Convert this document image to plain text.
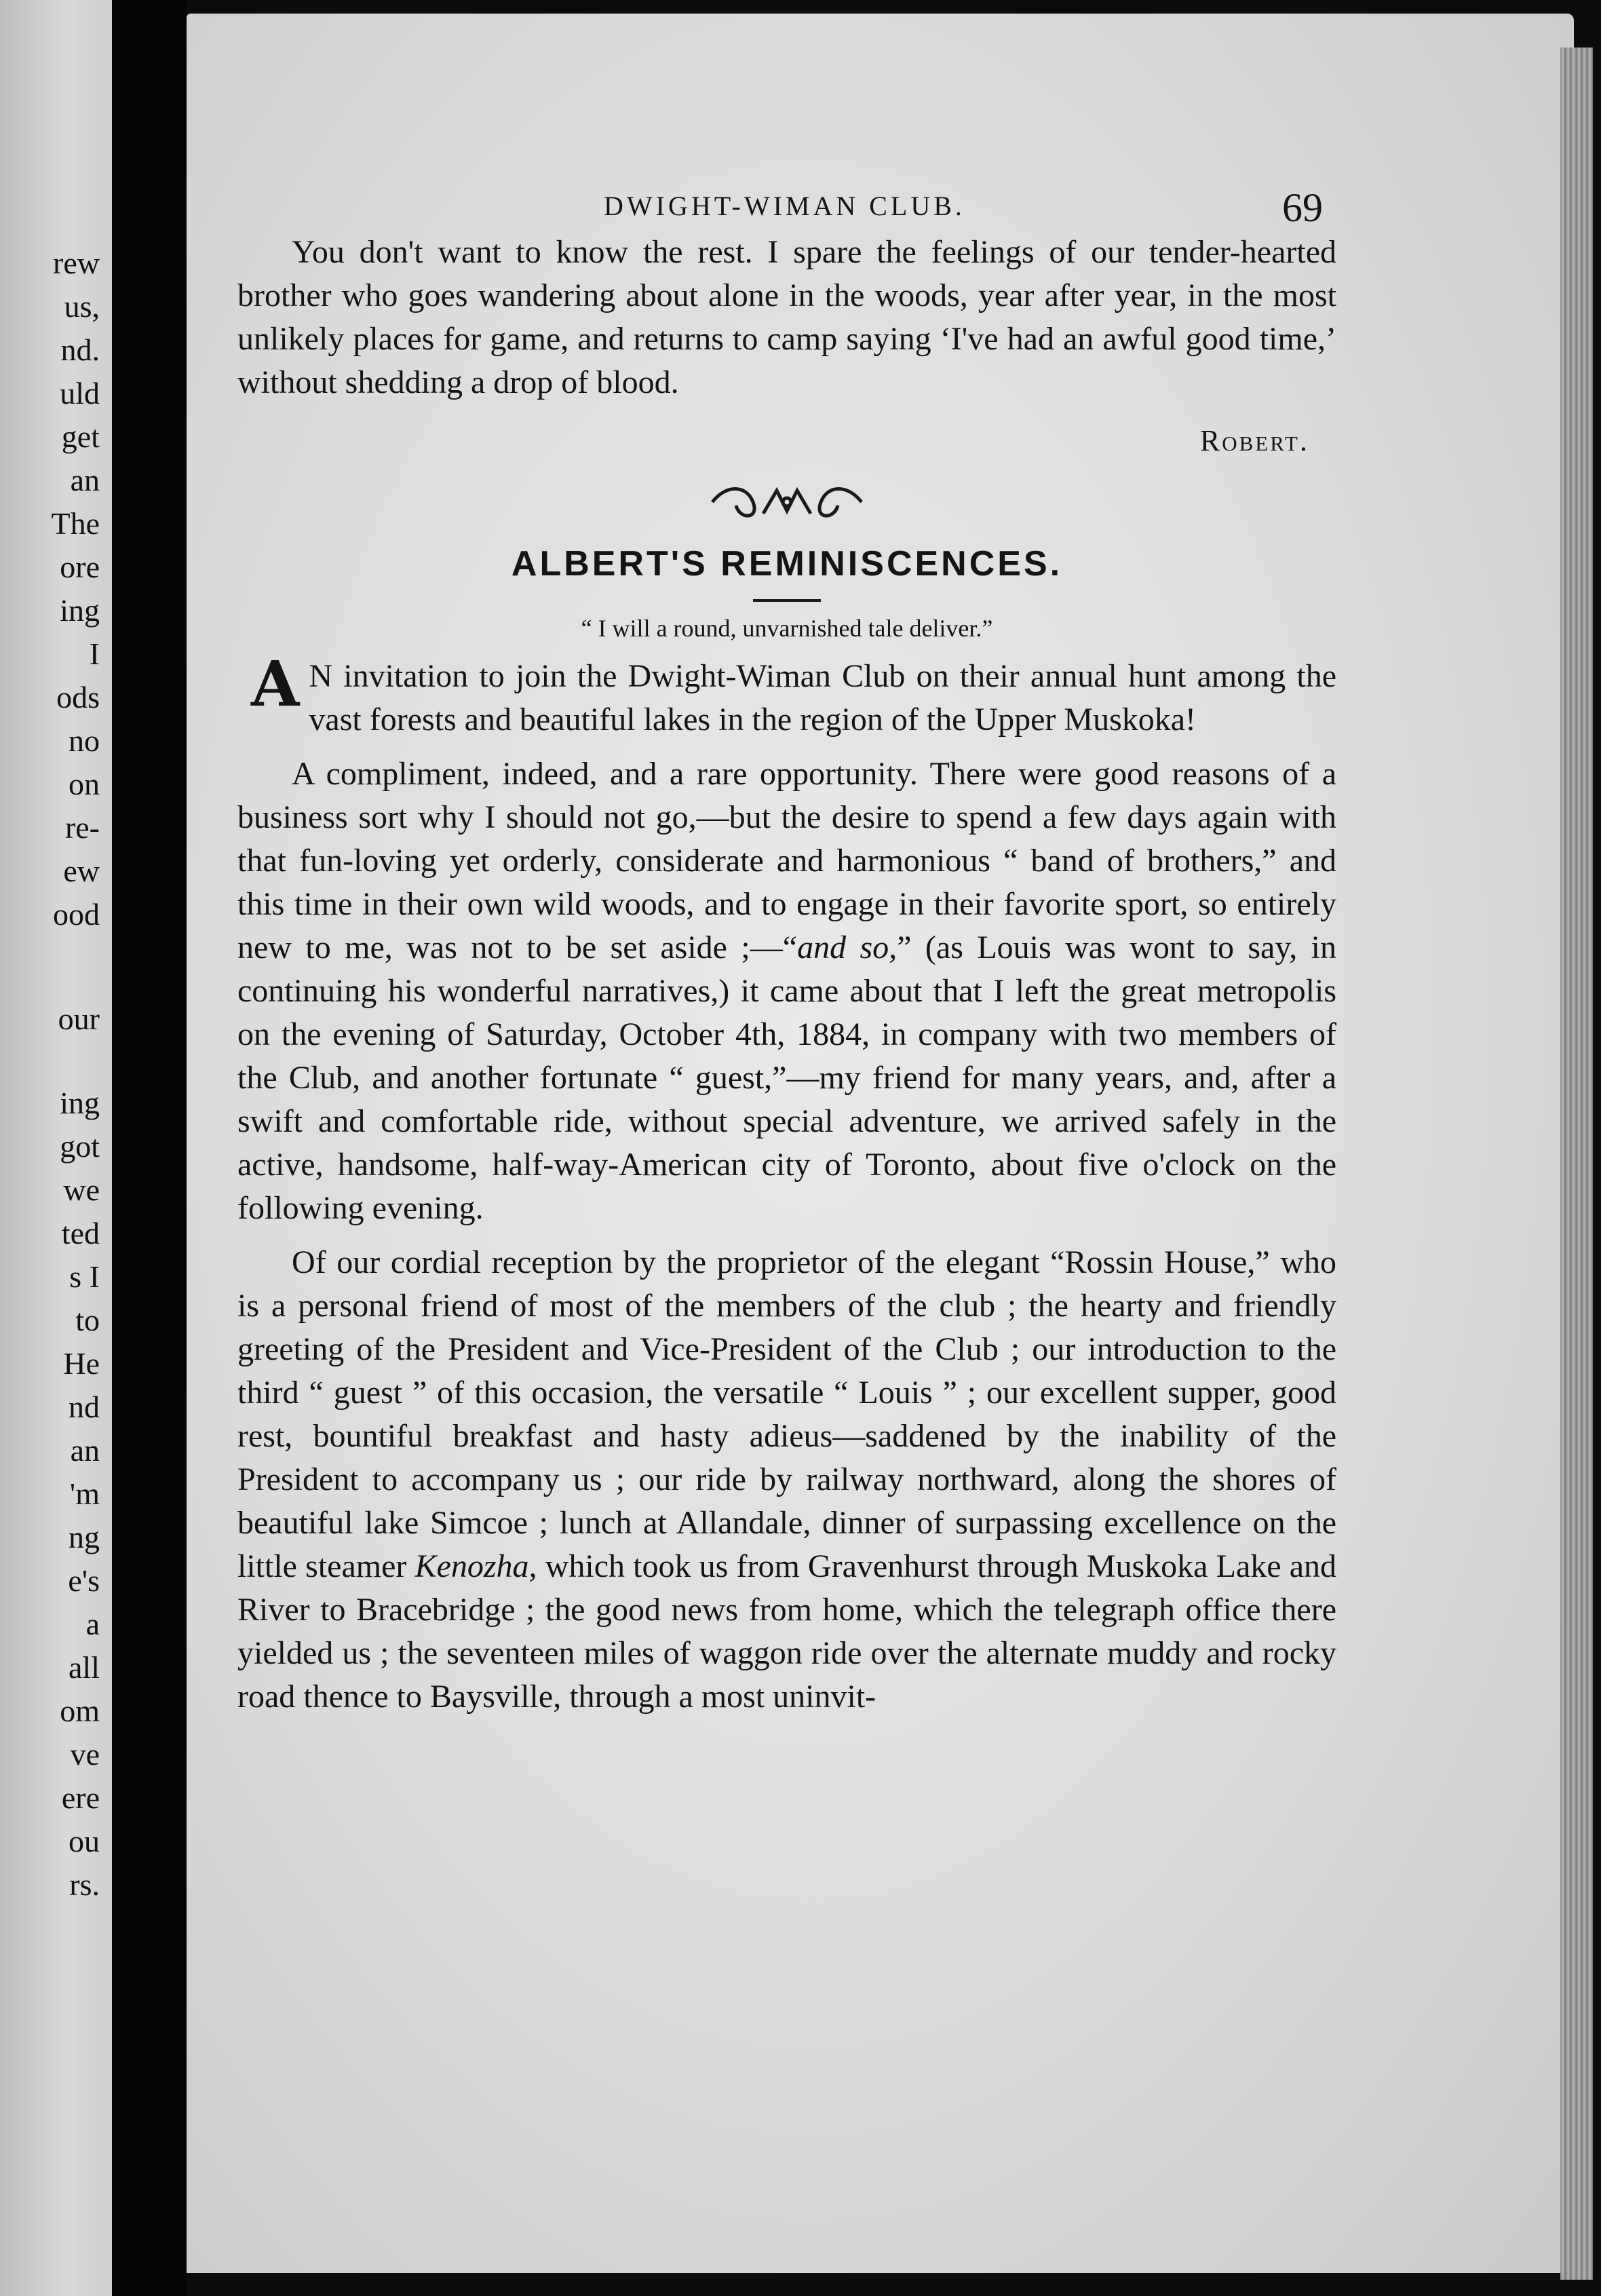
rew
us,
nd.
uld
get
an
The
ore
ing
I
ods
no
on
re-
ew
ood
our
ing
got
we
ted
s I
to
He
nd
an
'm
ng
e's
a
all
om
ve
ere
ou
rs.
DWIGHT-WIMAN CLUB.	69

You don't want to know the rest. I spare the feelings of our tender-hearted brother who goes wandering about alone in the woods, year after year, in the most unlikely places for game, and returns to camp saying ‘I've had an awful good time,’ without shedding a drop of blood.

Robert.
ALBERT'S REMINISCENCES.
“ I will a round, unvarnished tale deliver.”

A N invitation to join the Dwight-Wiman Club on their annual hunt among the vast forests and beautiful lakes in the region of the Upper Muskoka!

A compliment, indeed, and a rare opportunity. There were good reasons of a business sort why I should not go,—but the desire to spend a few days again with that fun-loving yet orderly, considerate and harmonious “ band of brothers,” and this time in their own wild woods, and to engage in their favorite sport, so entirely new to me, was not to be set aside ;—“and so,” (as Louis was wont to say, in continuing his wonderful narratives,) it came about that I left the great metropolis on the evening of Saturday, October 4th, 1884, in company with two members of the Club, and another fortunate “ guest,”—my friend for many years, and, after a swift and comfortable ride, without special adventure, we arrived safely in the active, handsome, half-way-American city of Toronto, about five o'clock on the following evening.

Of our cordial reception by the proprietor of the elegant “Rossin House,” who is a personal friend of most of the members of the club ; the hearty and friendly greeting of the President and Vice-President of the Club ; our introduction to the third “ guest ” of this occasion, the versatile “ Louis ” ; our excellent supper, good rest, bountiful breakfast and hasty adieus—saddened by the inability of the President to accompany us ; our ride by railway northward, along the shores of beautiful lake Simcoe ; lunch at Allandale, dinner of surpassing excellence on the little steamer Kenozha, which took us from Gravenhurst through Muskoka Lake and River to Bracebridge ; the good news from home, which the telegraph office there yielded us ; the seventeen miles of waggon ride over the alternate muddy and rocky road thence to Baysville, through a most uninvit-
